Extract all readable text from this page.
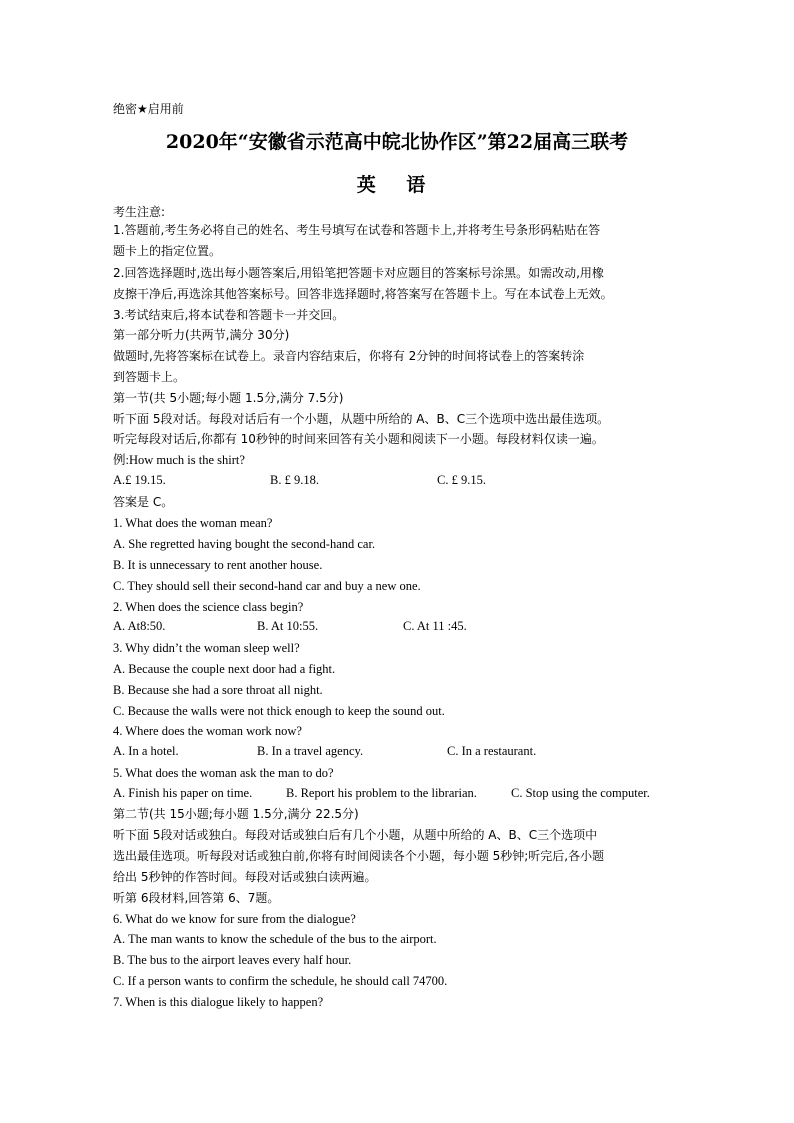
绝密★启用前
2020年“安徽省示范高中皖北协作区”第22届高三联考
英 语
考生注意:
1.答题前,考生务必将自己的姓名、考生号填写在试卷和答题卡上,并将考生号条形码粘贴在答
题卡上的指定位置。
2.回答选择题时,选出每小题答案后,用铅笔把答题卡对应题目的答案标号涂黑。如需改动,用橡
皮擦干净后,再选涂其他答案标号。回答非选择题时,将答案写在答题卡上。写在本试卷上无效。
3.考试结束后,将本试卷和答题卡一并交回。
第一部分听力(共两节,满分 30分)
做题时,先将答案标在试卷上。录音内容结束后，你将有 2分钟的时间将试卷上的答案转涂
到答题卡上。
第一节(共 5小题;每小题 1.5分,满分 7.5分)
听下面 5段对话。每段对话后有一个小题，从题中所给的 A、B、C三个选项中选出最佳选项。
听完每段对话后,你都有 10秒钟的时间来回答有关小题和阅读下一小题。每段材料仅读一遍。
例:How much is the shirt?
A.£ 19.15.	B. £ 9.18.	C. £ 9.15.
答案是 C。
1. What does the woman mean?
A. She regretted having bought the second-hand car.
B. It is unnecessary to rent another house.
C. They should sell their second-hand car and buy a new one.
2. When does the science class begin?
A. At8:50.	B. At 10:55.	C. At 11 :45.
3. Why didn’t the woman sleep well?
A. Because the couple next door had a fight.
B. Because she had a sore throat all night.
C. Because the walls were not thick enough to keep the sound out.
4. Where does the woman work now?
A. In a hotel.	B. In a travel agency.	C. In a restaurant.
5. What does the woman ask the man to do?
A. Finish his paper on time.	B. Report his problem to the librarian.	C. Stop using the computer.
第二节(共 15小题;每小题 1.5分,满分 22.5分)
听下面 5段对话或独白。每段对话或独白后有几个小题，从题中所给的 A、B、C三个选项中
选出最佳选项。听每段对话或独白前,你将有时间阅读各个小题，每小题 5秒钟;听完后,各小题
给出 5秒钟的作答时间。每段对话或独白读两遍。
听第 6段材料,回答第 6、7题。
6. What do we know for sure from the dialogue?
A. The man wants to know the schedule of the bus to the airport.
B. The bus to the airport leaves every half hour.
C. If a person wants to confirm the schedule, he should call 74700.
7. When is this dialogue likely to happen?
